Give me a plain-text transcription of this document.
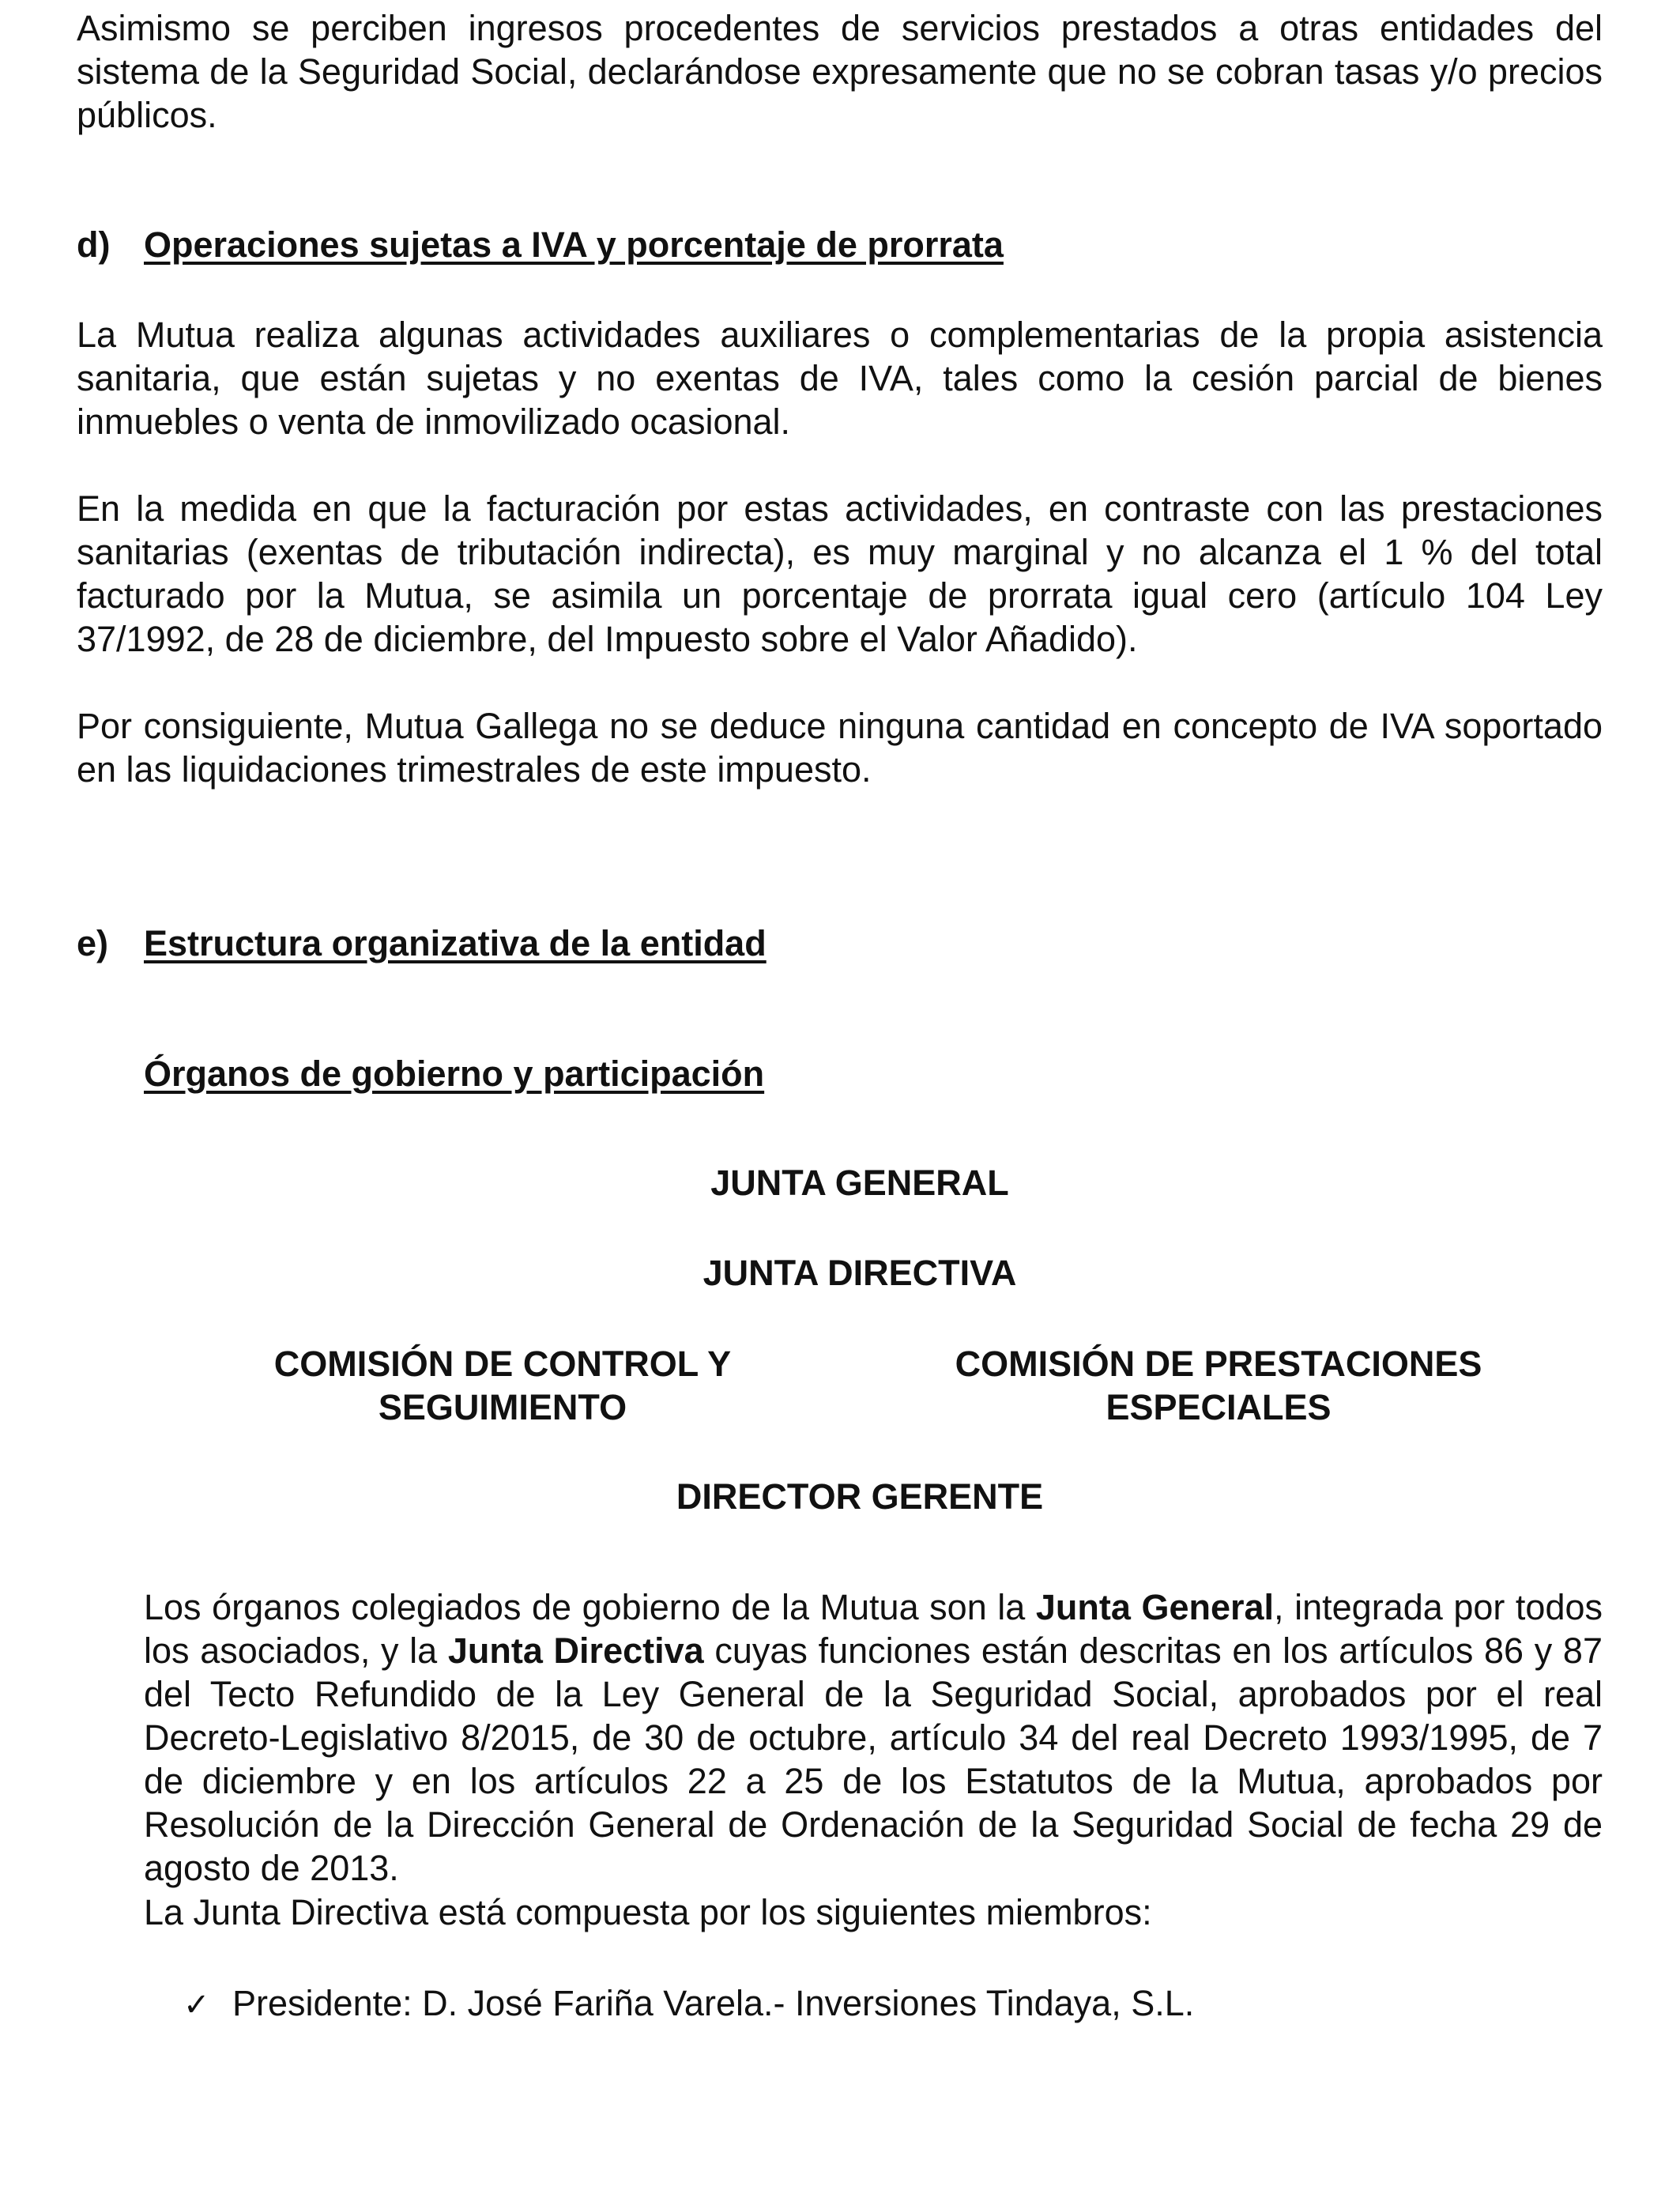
Asimismo se perciben ingresos procedentes de servicios prestados a otras entidades del sistema de la Seguridad Social, declarándose expresamente que no se cobran tasas y/o precios públicos.

d) Operaciones sujetas a IVA y porcentaje de prorrata

La Mutua realiza algunas actividades auxiliares o complementarias de la propia asistencia sanitaria, que están sujetas y no exentas de IVA, tales como la cesión parcial de bienes inmuebles o venta de inmovilizado ocasional.

En la medida en que la facturación por estas actividades, en contraste con las prestaciones sanitarias (exentas de tributación indirecta), es muy marginal y no alcanza el 1 % del total facturado por la Mutua, se asimila un porcentaje de prorrata igual cero (artículo 104 Ley 37/1992, de 28 de diciembre, del Impuesto sobre el Valor Añadido).

Por consiguiente, Mutua Gallega no se deduce ninguna cantidad en concepto de IVA soportado en las liquidaciones trimestrales de este impuesto.

e) Estructura organizativa de la entidad

Órganos de gobierno y participación

JUNTA GENERAL

JUNTA DIRECTIVA

COMISIÓN DE CONTROL Y
SEGUIMIENTO
COMISIÓN DE PRESTACIONES
ESPECIALES

DIRECTOR GERENTE

Los órganos colegiados de gobierno de la Mutua son la Junta General, integrada por todos los asociados, y la Junta Directiva cuyas funciones están descritas en los artículos 86 y 87 del Tecto Refundido de la Ley General de la Seguridad Social, aprobados por el real Decreto-Legislativo 8/2015, de 30 de octubre, artículo 34 del real Decreto 1993/1995, de 7 de diciembre y en los artículos 22 a 25 de los Estatutos de la Mutua, aprobados por Resolución de la Dirección General de Ordenación de la Seguridad Social de fecha 29 de agosto de 2013.

La Junta Directiva está compuesta por los siguientes miembros:

✓ Presidente: D. José Fariña Varela.- Inversiones Tindaya, S.L.
